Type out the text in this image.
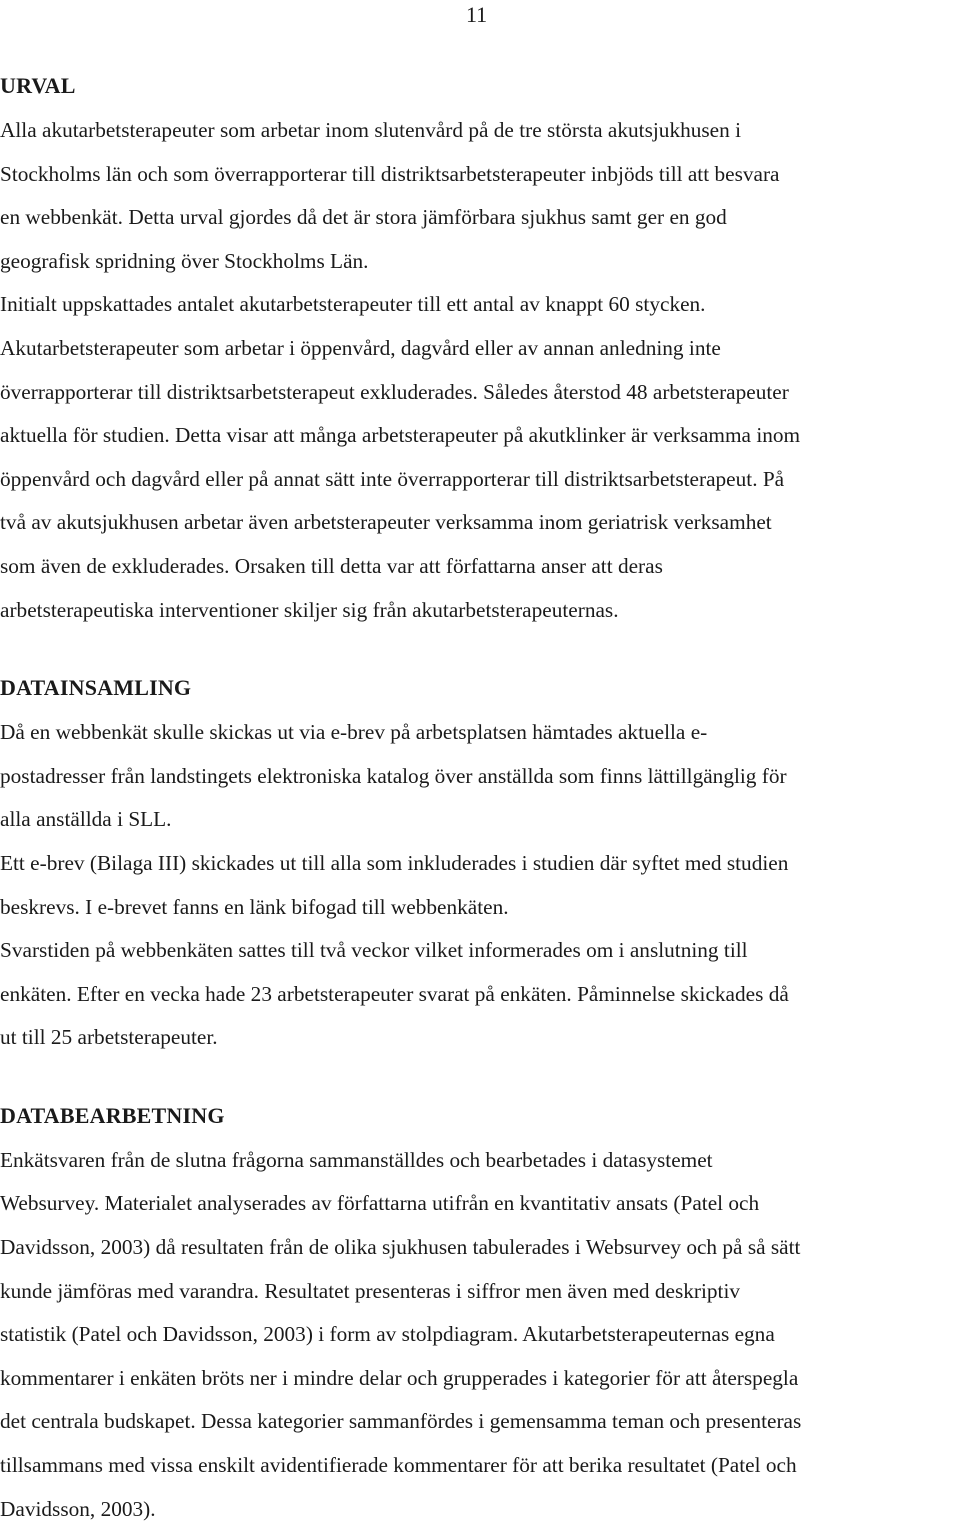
11
URVAL

Alla akutarbetsterapeuter som arbetar inom slutenvård på de tre största akutsjukhusen i
Stockholms län och som överrapporterar till distriktsarbetsterapeuter inbjöds till att besvara
en webbenkät. Detta urval gjordes då det är stora jämförbara sjukhus samt ger en god
geografisk spridning över Stockholms Län.
Initialt uppskattades antalet akutarbetsterapeuter till ett antal av knappt 60 stycken.
Akutarbetsterapeuter som arbetar i öppenvård, dagvård eller av annan anledning inte
överrapporterar till distriktsarbetsterapeut exkluderades. Således återstod 48 arbetsterapeuter
aktuella för studien. Detta visar att många arbetsterapeuter på akutklinker är verksamma inom
öppenvård och dagvård eller på annat sätt inte överrapporterar till distriktsarbetsterapeut. På
två av akutsjukhusen arbetar även arbetsterapeuter verksamma inom geriatrisk verksamhet
som även de exkluderades. Orsaken till detta var att författarna anser att deras
arbetsterapeutiska interventioner skiljer sig från akutarbetsterapeuternas.

DATAINSAMLING

Då en webbenkät skulle skickas ut via e-brev på arbetsplatsen hämtades aktuella e-
postadresser från landstingets elektroniska katalog över anställda som finns lättillgänglig för
alla anställda i SLL.
Ett e-brev (Bilaga III) skickades ut till alla som inkluderades i studien där syftet med studien
beskrevs. I e-brevet fanns en länk bifogad till webbenkäten.
Svarstiden på webbenkäten sattes till två veckor vilket informerades om i anslutning till
enkäten. Efter en vecka hade 23 arbetsterapeuter svarat på enkäten. Påminnelse skickades då
ut till 25 arbetsterapeuter.

DATABEARBETNING

Enkätsvaren från de slutna frågorna sammanställdes och bearbetades i datasystemet
Websurvey. Materialet analyserades av författarna utifrån en kvantitativ ansats (Patel och
Davidsson, 2003) då resultaten från de olika sjukhusen tabulerades i Websurvey och på så sätt
kunde jämföras med varandra. Resultatet presenteras i siffror men även med deskriptiv
statistik (Patel och Davidsson, 2003) i form av stolpdiagram. Akutarbetsterapeuternas egna
kommentarer i enkäten bröts ner i mindre delar och grupperades i kategorier för att återspegla
det centrala budskapet. Dessa kategorier sammanfördes i gemensamma teman och presenteras
tillsammans med vissa enskilt avidentifierade kommentarer för att berika resultatet (Patel och
Davidsson, 2003).
